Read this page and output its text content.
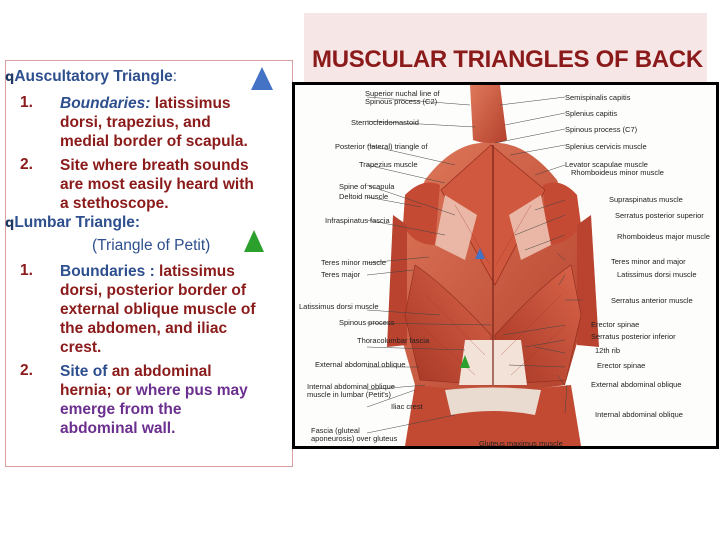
qAuscultatory Triangle:
1. Boundaries: latissimus
dorsi, trapezius, and
medial border of scapula.
2. Site where breath sounds
are most easily heard with
a stethoscope.
qLumbar Triangle:
(Triangle of Petit)
1. Boundaries : latissimus
dorsi, posterior border of
external oblique muscle of
the abdomen, and iliac
crest.
2. Site of an abdominal
hernia; or where pus may
emerge from the
abdominal wall.
MUSCULAR TRIANGLES OF BACK
Superior nuchal line of
Spinous process (C2)
Sternocleidomastoid
Posterior (lateral) triangle of
Trapezius muscle
Spine of scapula
Deltoid muscle
Infraspinatus fascia
Teres minor muscle
Teres major
Latissimus dorsi muscle
Spinous process
Thoracolumbar fascia
External abdominal oblique
Internal abdominal oblique
muscle in lumbar (Petit's)
Iliac crest
Fascia (gluteal
aponeurosis) over gluteus
Gluteus maximus muscle
Semispinalis capitis
Splenius capitis
Spinous process (C7)
Splenius cervicis muscle
Levator scapulae muscle
Rhomboideus minor muscle
Supraspinatus muscle
Serratus posterior superior
Rhomboideus major muscle
Teres minor and major
Latissimus dorsi muscle
Serratus anterior muscle
Erector spinae
Serratus posterior inferior
12th rib
Erector spinae
External abdominal oblique
Internal abdominal oblique
